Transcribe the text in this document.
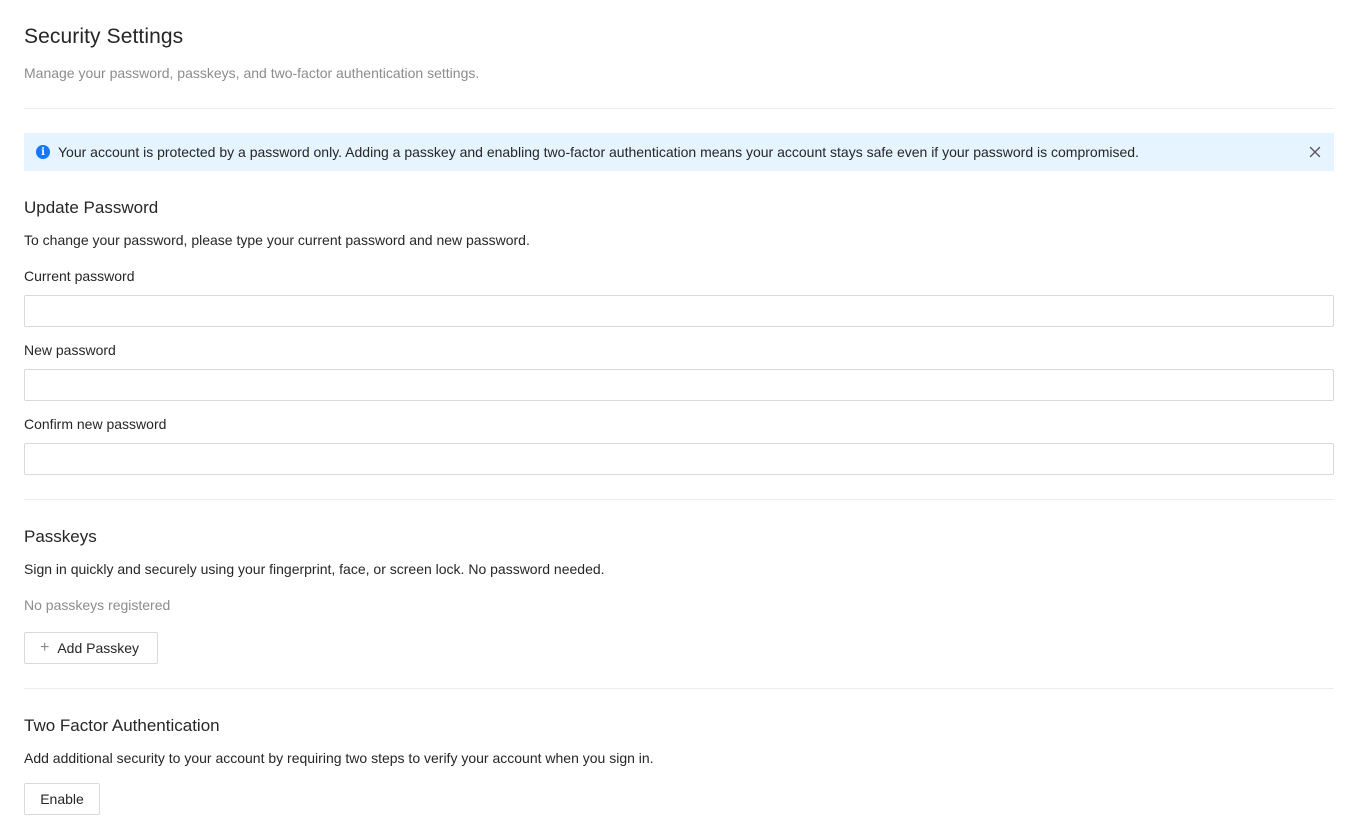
Security Settings
Manage your password, passkeys, and two-factor authentication settings.
i Your account is protected by a password only. Adding a passkey and enabling two-factor authentication means your account stays safe even if your password is compromised.
Update Password
To change your password, please type your current password and new password.
Current password
New password
Confirm new password
Passkeys
Sign in quickly and securely using your fingerprint, face, or screen lock. No password needed.
No passkeys registered
+ Add Passkey
Two Factor Authentication
Add additional security to your account by requiring two steps to verify your account when you sign in.
Enable
